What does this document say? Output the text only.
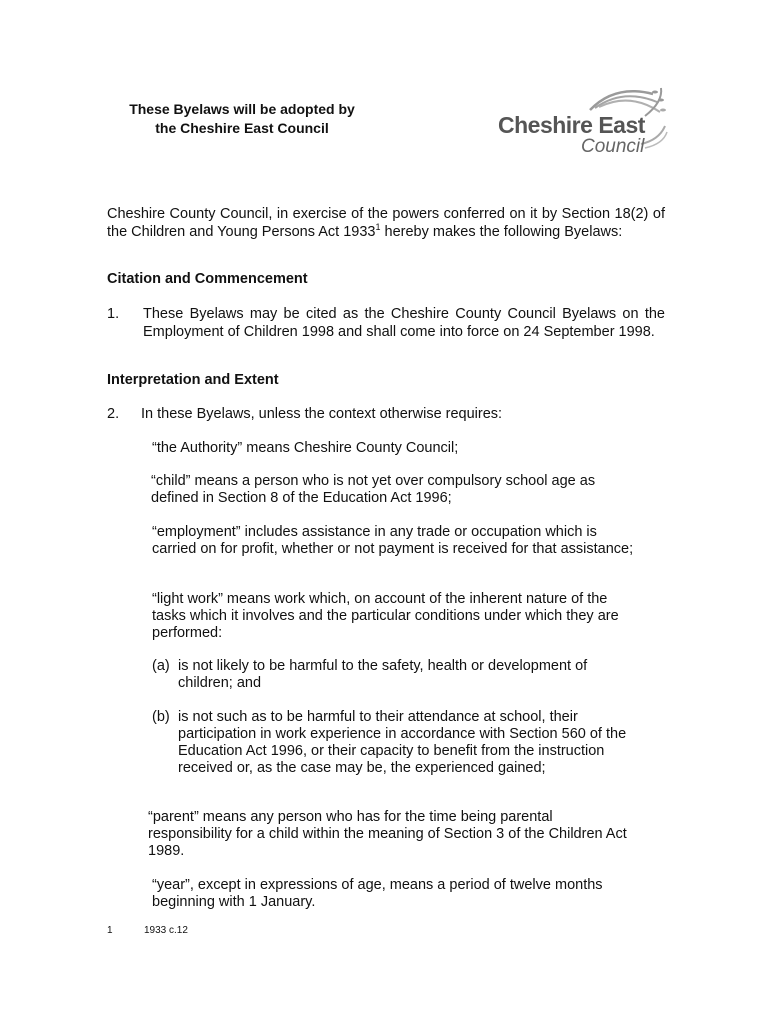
These Byelaws will be adopted by
the Cheshire East Council	Cheshire East
Council
Cheshire County Council, in exercise of the powers conferred on it by Section 18(2) of the Children and Young Persons Act 1933$^1$ hereby makes the following Byelaws:
Citation and Commencement
1. These Byelaws may be cited as the Cheshire County Council Byelaws on the Employment of Children 1998 and shall come into force on 24 September 1998.
Interpretation and Extent
2. In these Byelaws, unless the context otherwise requires:
“the Authority” means Cheshire County Council;
“child” means a person who is not yet over compulsory school age as defined in Section 8 of the Education Act 1996;
“employment” includes assistance in any trade or occupation which is carried on for profit, whether or not payment is received for that assistance;
“light work” means work which, on account of the inherent nature of the tasks which it involves and the particular conditions under which they are performed:
(a) is not likely to be harmful to the safety, health or development of children; and
(b) is not such as to be harmful to their attendance at school, their participation in work experience in accordance with Section 560 of the Education Act 1996, or their capacity to benefit from the instruction received or, as the case may be, the experienced gained;
“parent” means any person who has for the time being parental responsibility for a child within the meaning of Section 3 of the Children Act 1989.
“year”, except in expressions of age, means a period of twelve months beginning with 1 January.
1	1933 c.12
